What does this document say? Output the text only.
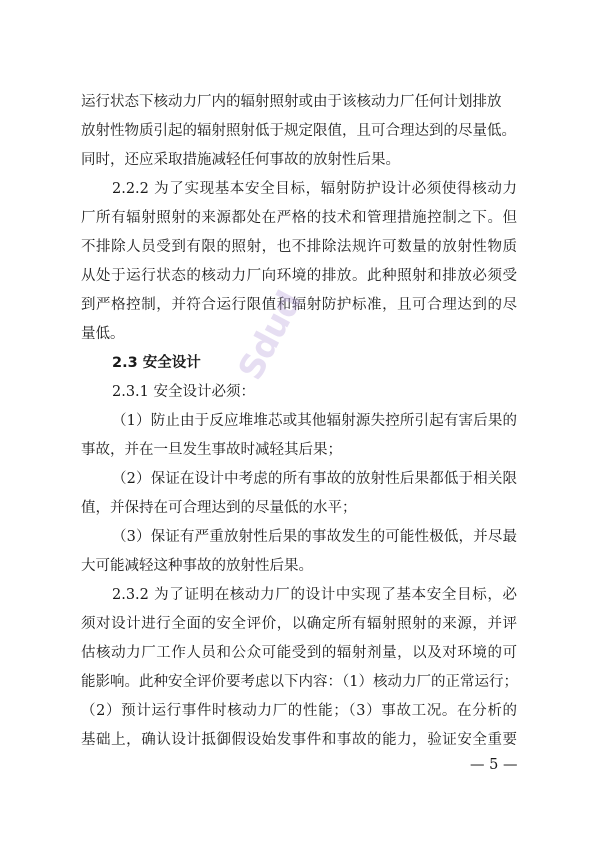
运行状态下核动力厂内的辐射照射或由于该核动力厂任何计划排放
放射性物质引起的辐射照射低于规定限值，且可合理达到的尽量低。
同时，还应采取措施减轻任何事故的放射性后果。
2.2.2 为了实现基本安全目标，辐射防护设计必须使得核动力
厂所有辐射照射的来源都处在严格的技术和管理措施控制之下。但
不排除人员受到有限的照射，也不排除法规许可数量的放射性物质
从处于运行状态的核动力厂向环境的排放。此种照射和排放必须受
到严格控制，并符合运行限值和辐射防护标准，且可合理达到的尽
量低。
2.3 安全设计
2.3.1 安全设计必须：
（1）防止由于反应堆堆芯或其他辐射源失控所引起有害后果的
事故，并在一旦发生事故时减轻其后果；
（2）保证在设计中考虑的所有事故的放射性后果都低于相关限
值，并保持在可合理达到的尽量低的水平；
（3）保证有严重放射性后果的事故发生的可能性极低，并尽最
大可能减轻这种事故的放射性后果。
2.3.2 为了证明在核动力厂的设计中实现了基本安全目标，必
须对设计进行全面的安全评价，以确定所有辐射照射的来源，并评
估核动力厂工作人员和公众可能受到的辐射剂量，以及对环境的可
能影响。此种安全评价要考虑以下内容：（1）核动力厂的正常运行；
（2）预计运行事件时核动力厂的性能；（3）事故工况。在分析的
基础上，确认设计抵御假设始发事件和事故的能力，验证安全重要
— 5 —
Sdud
